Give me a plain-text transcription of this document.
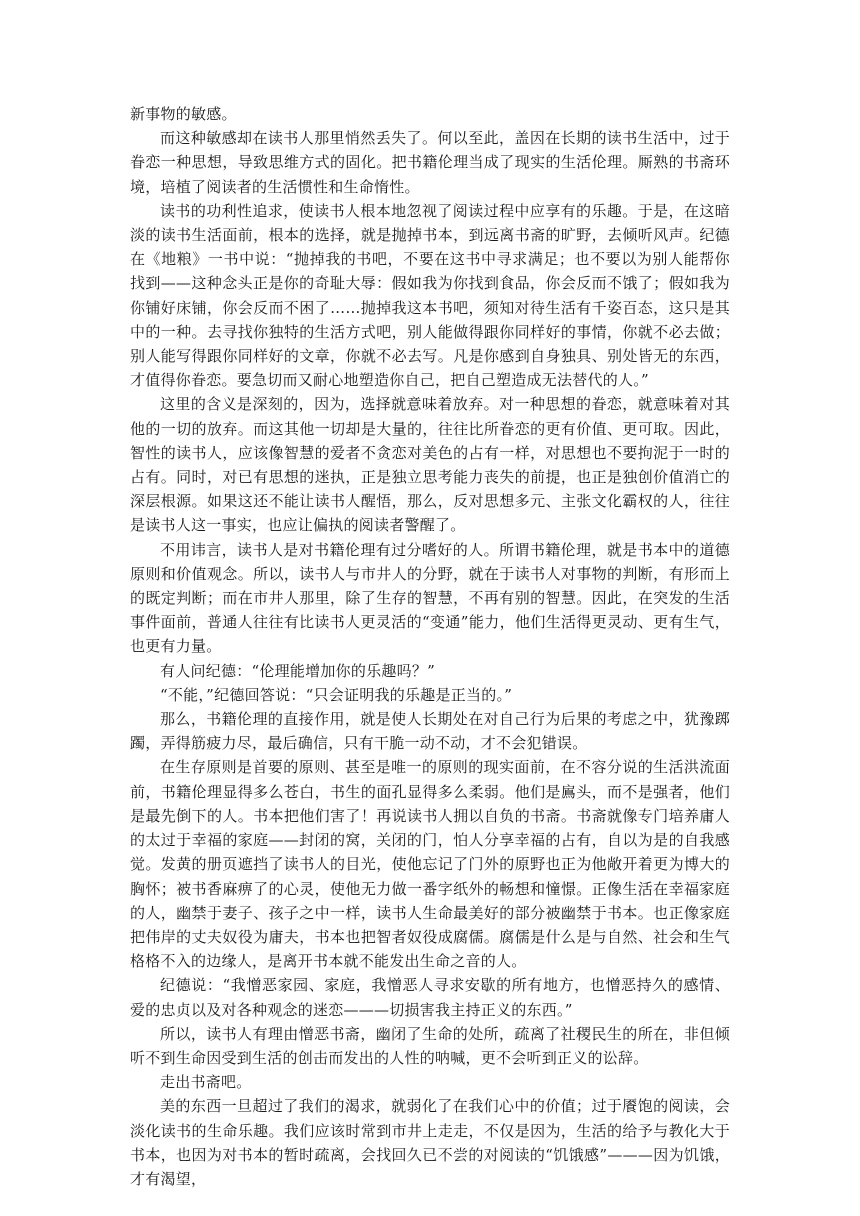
新事物的敏感。

而这种敏感却在读书人那里悄然丢失了。何以至此，盖因在长期的读书生活中，过于眷恋一种思想，导致思维方式的固化。把书籍伦理当成了现实的生活伦理。厮熟的书斋环境，培植了阅读者的生活惯性和生命惰性。

读书的功利性追求，使读书人根本地忽视了阅读过程中应享有的乐趣。于是，在这暗淡的读书生活面前，根本的选择，就是抛掉书本，到远离书斋的旷野，去倾听风声。纪德在《地粮》一书中说：“抛掉我的书吧，不要在这书中寻求满足；也不要以为别人能帮你找到——这种念头正是你的奇耻大辱：假如我为你找到食品，你会反而不饿了；假如我为你铺好床铺，你会反而不困了……抛掉我这本书吧，须知对待生活有千姿百态，这只是其中的一种。去寻找你独特的生活方式吧，别人能做得跟你同样好的事情，你就不必去做；别人能写得跟你同样好的文章，你就不必去写。凡是你感到自身独具、别处皆无的东西，才值得你眷恋。要急切而又耐心地塑造你自己，把自己塑造成无法替代的人。”

这里的含义是深刻的，因为，选择就意味着放弃。对一种思想的眷恋，就意味着对其他的一切的放弃。而这其他一切却是大量的，往往比所眷恋的更有价值、更可取。因此，智性的读书人，应该像智慧的爱者不贪恋对美色的占有一样，对思想也不要拘泥于一时的占有。同时，对已有思想的迷执，正是独立思考能力丧失的前提，也正是独创价值消亡的深层根源。如果这还不能让读书人醒悟，那么，反对思想多元、主张文化霸权的人，往往是读书人这一事实，也应让偏执的阅读者警醒了。

不用讳言，读书人是对书籍伦理有过分嗜好的人。所谓书籍伦理，就是书本中的道德原则和价值观念。所以，读书人与市井人的分野，就在于读书人对事物的判断，有形而上的既定判断；而在市井人那里，除了生存的智慧，不再有别的智慧。因此，在突发的生活事件面前，普通人往往有比读书人更灵活的“变通”能力，他们生活得更灵动、更有生气，也更有力量。

有人问纪德：“伦理能增加你的乐趣吗？”

“不能，”纪德回答说：“只会证明我的乐趣是正当的。”

那么，书籍伦理的直接作用，就是使人长期处在对自己行为后果的考虑之中，犹豫踯躅，弄得筋疲力尽，最后确信，只有干脆一动不动，才不会犯错误。

在生存原则是首要的原则、甚至是唯一的原则的现实面前，在不容分说的生活洪流面前，书籍伦理显得多么苍白，书生的面孔显得多么柔弱。他们是鳸头，而不是强者，他们是最先倒下的人。书本把他们害了！再说读书人拥以自负的书斋。书斋就像专门培养庸人的太过于幸福的家庭——封闭的窝，关闭的门，怕人分享幸福的占有，自以为是的自我感觉。发黄的册页遮挡了读书人的目光，使他忘记了门外的原野也正为他敞开着更为博大的胸怀；被书香麻痹了的心灵，使他无力做一番字纸外的畅想和憧憬。正像生活在幸福家庭的人，幽禁于妻子、孩子之中一样，读书人生命最美好的部分被幽禁于书本。也正像家庭把伟岸的丈夫奴役为庸夫，书本也把智者奴役成腐儒。腐儒是什么是与自然、社会和生气格格不入的边缘人，是离开书本就不能发出生命之音的人。

纪德说：“我憎恶家园、家庭，我憎恶人寻求安歇的所有地方，也憎恶持久的感情、爱的忠贞以及对各种观念的迷恋———切损害我主持正义的东西。”

所以，读书人有理由憎恶书斋，幽闭了生命的处所，疏离了社稷民生的所在，非但倾听不到生命因受到生活的创击而发出的人性的呐喊，更不会听到正义的讼辞。

走出书斋吧。

美的东西一旦超过了我们的渴求，就弱化了在我们心中的价值；过于餍饱的阅读，会淡化读书的生命乐趣。我们应该时常到市井上走走，不仅是因为，生活的给予与教化大于书本，也因为对书本的暂时疏离，会找回久已不尝的对阅读的“饥饿感”———因为饥饿，才有渴望，
